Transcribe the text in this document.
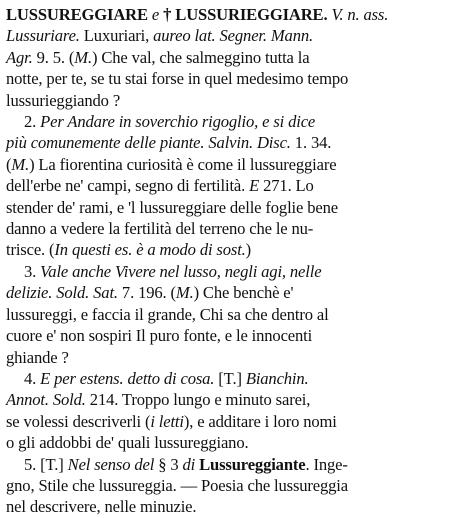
LUSSUREGGIARE e † LUSSURIEGGIARE. V. n. ass.
Lussuriare. Luxuriari, aureo lat. Segner. Mann.
Agr. 9. 5. (M.) Che val, che salmeggino tutta la
notte, per te, se tu stai forse in quel medesimo tempo
lussurieggiando ?
2. Per Andare in soverchio rigoglio, e si dice
più comunemente delle piante. Salvin. Disc. 1. 34.
(M.) La fiorentina curiosità è come il lussureggiare
dell'erbe ne' campi, segno di fertilità. E 271. Lo
stender de' rami, e 'l lussureggiare delle foglie bene
danno a vedere la fertilità del terreno che le nu-
trisce. (In questi es. è a modo di sost.)
3. Vale anche Vivere nel lusso, negli agi, nelle
delizie. Sold. Sat. 7. 196. (M.) Che benchè e'
lussureggi, e faccia il grande, Chi sa che dentro al
cuore e' non sospiri Il puro fonte, e le innocenti
ghiande ?
4. E per estens. detto di cosa. [T.] Bianchin.
Annot. Sold. 214. Troppo lungo e minuto sarei,
se volessi descriverli (i letti), e additare i loro nomi
o gli addobbi de' quali lussureggiano.
5. [T.] Nel senso del § 3 di Lussureggiante. Inge-
gno, Stile che lussureggia. — Poesia che lussureggia
nel descrivere, nelle minuzie.
